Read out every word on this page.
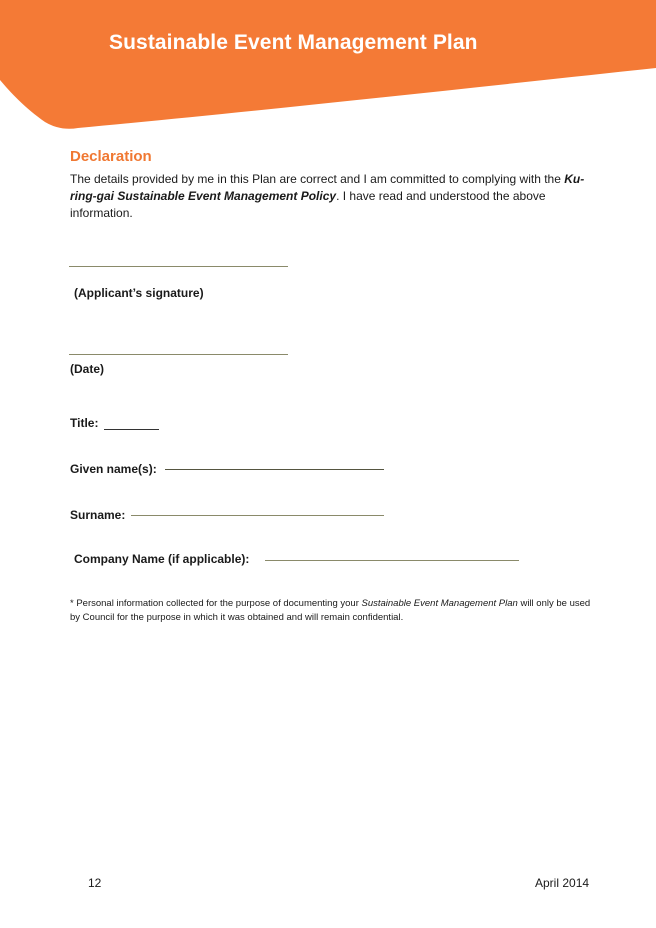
Sustainable Event Management Plan
Declaration

The details provided by me in this Plan are correct and I am committed to complying with the Ku-ring-gai Sustainable Event Management Policy. I have read and understood the above information.

(Applicant’s signature)

(Date)

Title:

Given name(s):

Surname:

Company Name (if applicable):

* Personal information collected for the purpose of documenting your Sustainable Event Management Plan will only be used by Council for the purpose in which it was obtained and will remain confidential.

12	April 2014
